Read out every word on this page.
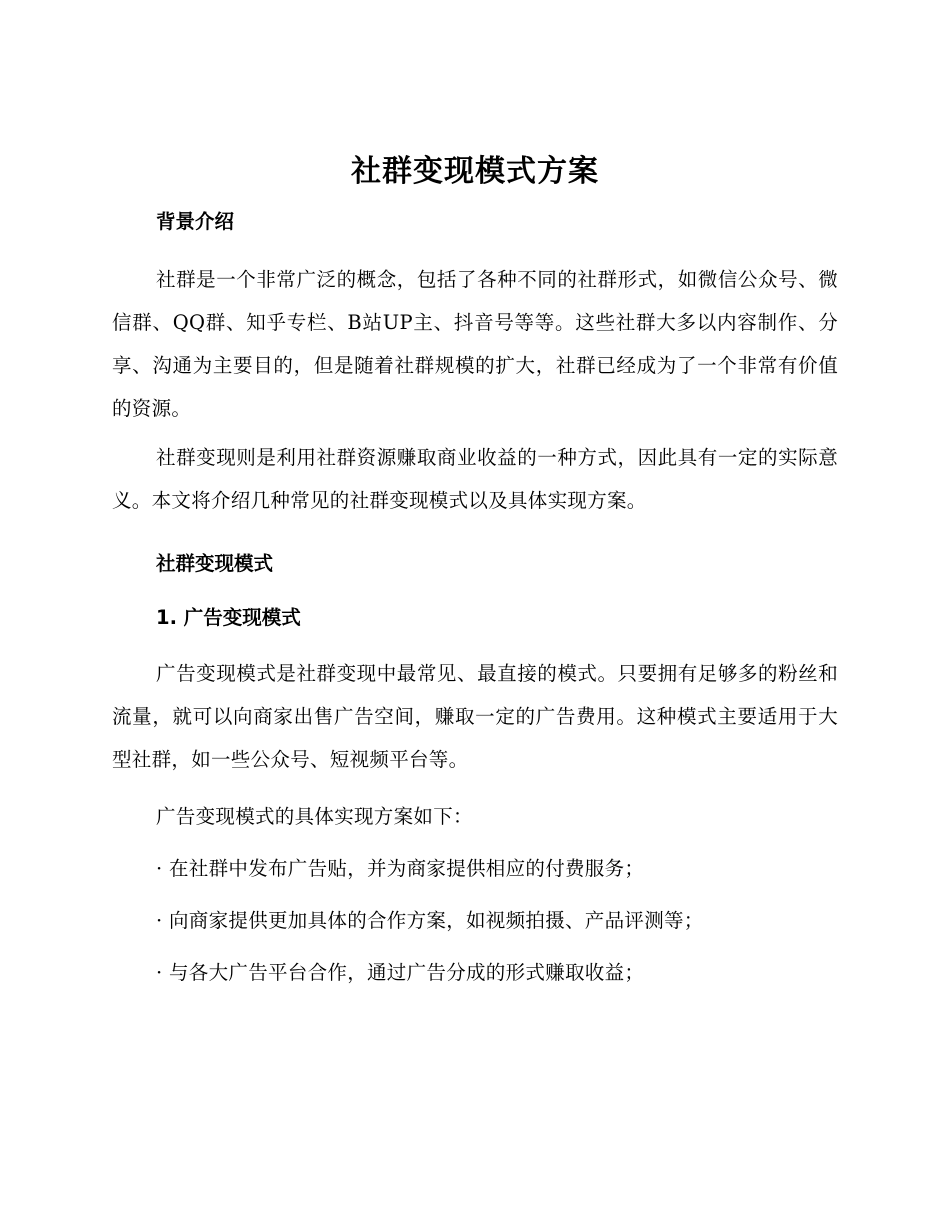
社群变现模式方案
背景介绍

社群是一个非常广泛的概念，包括了各种不同的社群形式，如微信公众号、微信群、QQ群、知乎专栏、B站UP主、抖音号等等。这些社群大多以内容制作、分享、沟通为主要目的，但是随着社群规模的扩大，社群已经成为了一个非常有价值的资源。

社群变现则是利用社群资源赚取商业收益的一种方式，因此具有一定的实际意义。本文将介绍几种常见的社群变现模式以及具体实现方案。

社群变现模式
1. 广告变现模式

广告变现模式是社群变现中最常见、最直接的模式。只要拥有足够多的粉丝和流量，就可以向商家出售广告空间，赚取一定的广告费用。这种模式主要适用于大型社群，如一些公众号、短视频平台等。

广告变现模式的具体实现方案如下：

· 在社群中发布广告贴，并为商家提供相应的付费服务；

· 向商家提供更加具体的合作方案，如视频拍摄、产品评测等；

· 与各大广告平台合作，通过广告分成的形式赚取收益；
